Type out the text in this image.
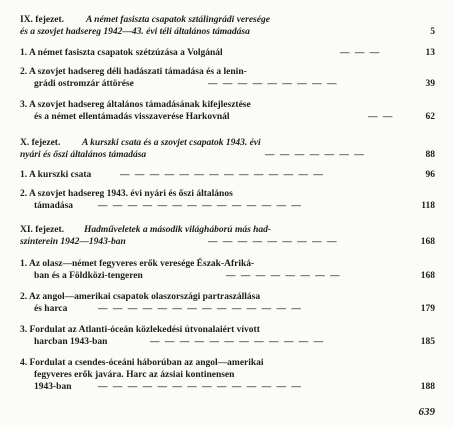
IX. fejezet. A német fasiszta csapatok sztálingrádi veresége
és a szovjet hadsereg 1942—43. évi téli általános támadása	5
1. A német fasiszta csapatok szétzúzása a Volgánál	— — —	13
2. A szovjet hadsereg déli hadászati támadása és a lenin-
grádi ostromzár áttörése	— — — — — — — — —	39
3. A szovjet hadsereg általános támadásának kifejlesztése
és a német ellentámadás visszaverése Harkovnál	— —	62
X. fejezet. A kurszki csata és a szovjet csapatok 1943. évi
nyári és őszi általános támadása	— — — — — — —	88
1. A kurszki csata	— — — — — — — — — — — — — —	96
2. A szovjet hadsereg 1943. évi nyári és őszi általános
támadása	— — — — — — — — — — — — — —	118
XI. fejezet. Hadműveletek a második világháború más had-
színterein 1942—1943-ban	— — — — — — — — —	168
1. Az olasz—német fegyveres erők veresége Észak-Afriká-
ban és a Földközi-tengeren	— — — — — — — —	168
2. Az angol—amerikai csapatok olaszországi partraszállása
és harca	— — — — — — — — — — — — — —	179
3. Fordulat az Atlanti-óceán közlekedési útvonalaiért vívott
harcban 1943-ban	— — — — — — — — — — — —	185
4. Fordulat a csendes-óceáni háborúban az angol—amerikai
fegyveres erők javára. Harc az ázsiai kontinensen
1943-ban	— — — — — — — — — — — — — —	188
639
